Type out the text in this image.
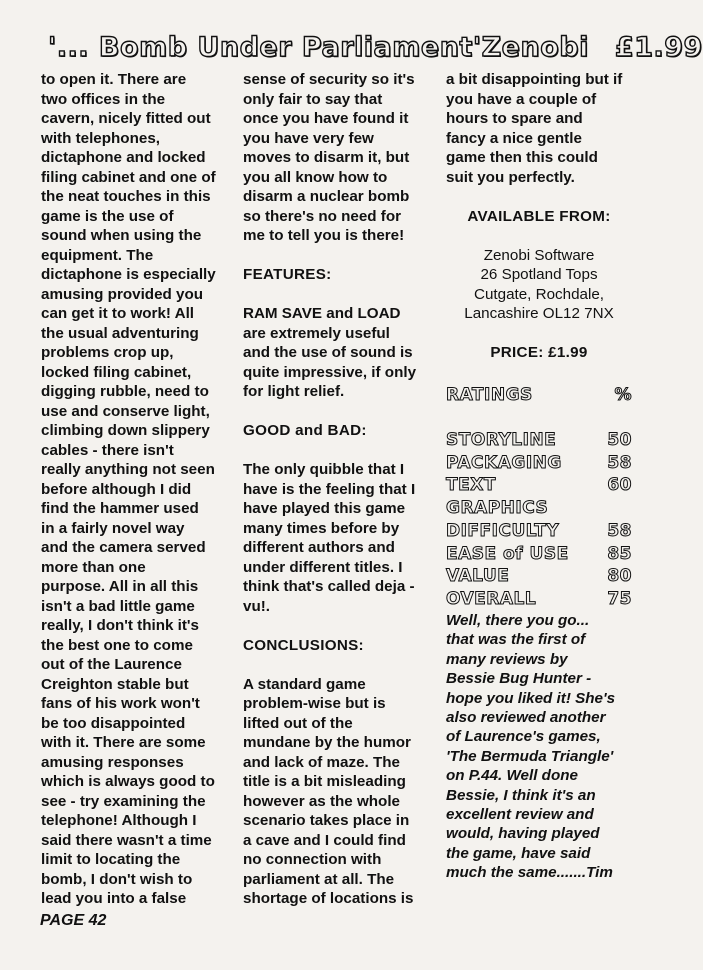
'... Bomb Under Parliament' Zenobi £1.99

to open it. There are
two offices in the
cavern, nicely fitted out
with telephones,
dictaphone and locked
filing cabinet and one of
the neat touches in this
game is the use of
sound when using the
equipment. The
dictaphone is especially
amusing provided you
can get it to work! All
the usual adventuring
problems crop up,
locked filing cabinet,
digging rubble, need to
use and conserve light,
climbing down slippery
cables - there isn't
really anything not seen
before although I did
find the hammer used
in a fairly novel way
and the camera served
more than one
purpose. All in all this
isn't a bad little game
really, I don't think it's
the best one to come
out of the Laurence
Creighton stable but
fans of his work won't
be too disappointed
with it. There are some
amusing responses
which is always good to
see - try examining the
telephone! Although I
said there wasn't a time
limit to locating the
bomb, I don't wish to
lead you into a false

sense of security so it's
only fair to say that
once you have found it
you have very few
moves to disarm it, but
you all know how to
disarm a nuclear bomb
so there's no need for
me to tell you is there!

FEATURES:

RAM SAVE and LOAD
are extremely useful
and the use of sound is
quite impressive, if only
for light relief.

GOOD and BAD:

The only quibble that I
have is the feeling that I
have played this game
many times before by
different authors and
under different titles. I
think that's called deja -
vu!.

CONCLUSIONS:

A standard game
problem-wise but is
lifted out of the
mundane by the humor
and lack of maze. The
title is a bit misleading
however as the whole
scenario takes place in
a cave and I could find
no connection with
parliament at all. The
shortage of locations is

a bit disappointing but if
you have a couple of
hours to spare and
fancy a nice gentle
game then this could
suit you perfectly.

AVAILABLE FROM:

Zenobi Software
26 Spotland Tops
Cutgate, Rochdale,
Lancashire OL12 7NX

PRICE: £1.99

RATINGS	%
STORYLINE	50
PACKAGING	58
TEXT	60
GRAPHICS
DIFFICULTY	58
EASE of USE 85
VALUE	80
OVERALL	75

Well, there you go...
that was the first of
many reviews by
Bessie Bug Hunter -
hope you liked it! She's
also reviewed another
of Laurence's games,
'The Bermuda Triangle'
on P.44. Well done
Bessie, I think it's an
excellent review and
would, having played
the game, have said
much the same.......Tim

PAGE 42
